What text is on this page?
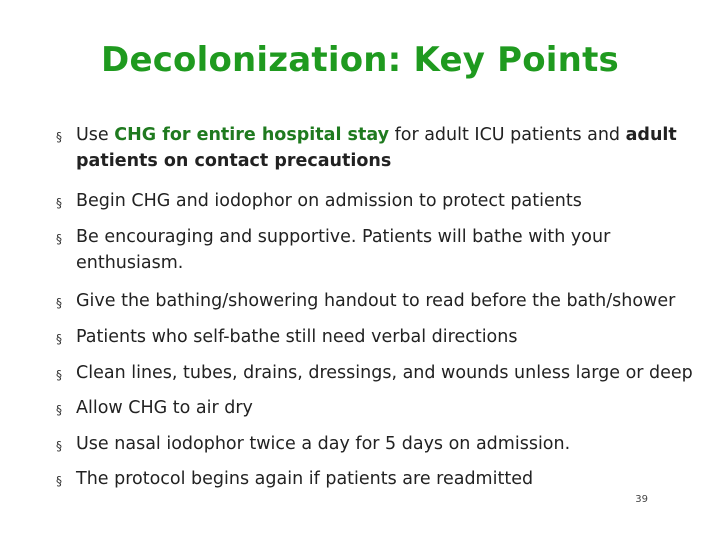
Decolonization: Key Points
§ Use CHG for entire hospital stay for adult ICU patients and adult patients on contact precautions
§ Begin CHG and iodophor on admission to protect patients
§ Be encouraging and supportive. Patients will bathe with your enthusiasm.
§ Give the bathing/showering handout to read before the bath/shower
§ Patients who self-bathe still need verbal directions
§ Clean lines, tubes, drains, dressings, and wounds unless large or deep
§ Allow CHG to air dry
§ Use nasal iodophor twice a day for 5 days on admission.
§ The protocol begins again if patients are readmitted
39
